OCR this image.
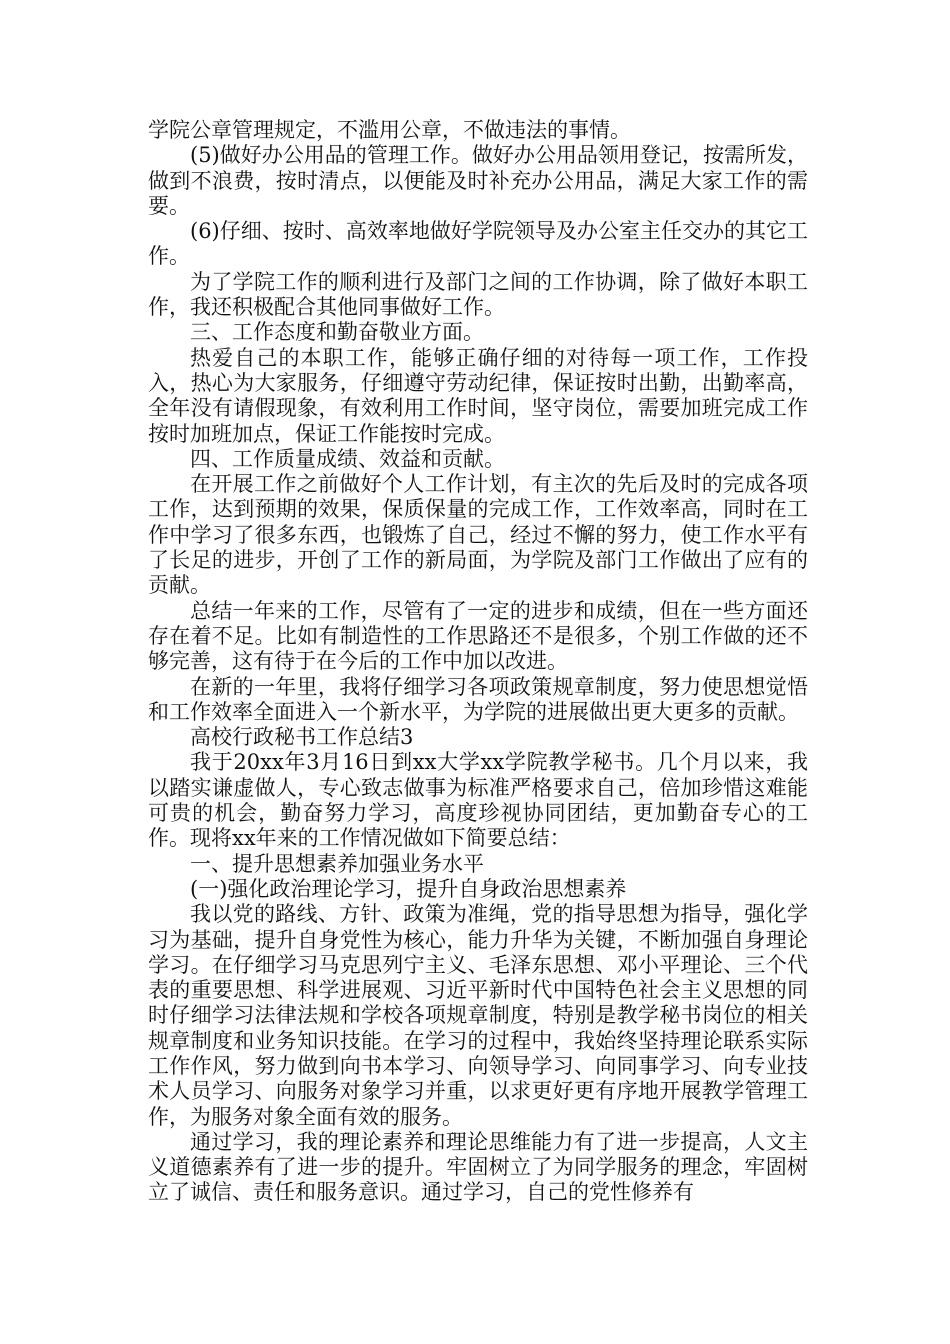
学院公章管理规定，不滥用公章，不做违法的事情。

(5)做好办公用品的管理工作。做好办公用品领用登记，按需所发，做到不浪费，按时清点，以便能及时补充办公用品，满足大家工作的需要。

(6)仔细、按时、高效率地做好学院领导及办公室主任交办的其它工作。

为了学院工作的顺利进行及部门之间的工作协调，除了做好本职工作，我还积极配合其他同事做好工作。

三、工作态度和勤奋敬业方面。

热爱自己的本职工作，能够正确仔细的对待每一项工作，工作投入，热心为大家服务，仔细遵守劳动纪律，保证按时出勤，出勤率高，全年没有请假现象，有效利用工作时间，坚守岗位，需要加班完成工作按时加班加点，保证工作能按时完成。

四、工作质量成绩、效益和贡献。

在开展工作之前做好个人工作计划，有主次的先后及时的完成各项工作，达到预期的效果，保质保量的完成工作，工作效率高，同时在工作中学习了很多东西，也锻炼了自己，经过不懈的努力，使工作水平有了长足的进步，开创了工作的新局面，为学院及部门工作做出了应有的贡献。

总结一年来的工作，尽管有了一定的进步和成绩，但在一些方面还存在着不足。比如有制造性的工作思路还不是很多，个别工作做的还不够完善，这有待于在今后的工作中加以改进。

在新的一年里，我将仔细学习各项政策规章制度，努力使思想觉悟和工作效率全面进入一个新水平，为学院的进展做出更大更多的贡献。

高校行政秘书工作总结3

我于20xx年3月16日到xx大学xx学院教学秘书。几个月以来，我以踏实谦虚做人，专心致志做事为标准严格要求自己，倍加珍惜这难能可贵的机会，勤奋努力学习，高度珍视协同团结，更加勤奋专心的工作。现将xx年来的工作情况做如下简要总结：

一、提升思想素养加强业务水平

(一)强化政治理论学习，提升自身政治思想素养

我以党的路线、方针、政策为准绳，党的指导思想为指导，强化学习为基础，提升自身党性为核心，能力升华为关键，不断加强自身理论学习。在仔细学习马克思列宁主义、毛泽东思想、邓小平理论、三个代表的重要思想、科学进展观、习近平新时代中国特色社会主义思想的同时仔细学习法律法规和学校各项规章制度，特别是教学秘书岗位的相关规章制度和业务知识技能。在学习的过程中，我始终坚持理论联系实际工作作风，努力做到向书本学习、向领导学习、向同事学习、向专业技术人员学习、向服务对象学习并重，以求更好更有序地开展教学管理工作，为服务对象全面有效的服务。

通过学习，我的理论素养和理论思维能力有了进一步提高，人文主义道德素养有了进一步的提升。牢固树立了为同学服务的理念，牢固树立了诚信、责任和服务意识。通过学习，自己的党性修养有
